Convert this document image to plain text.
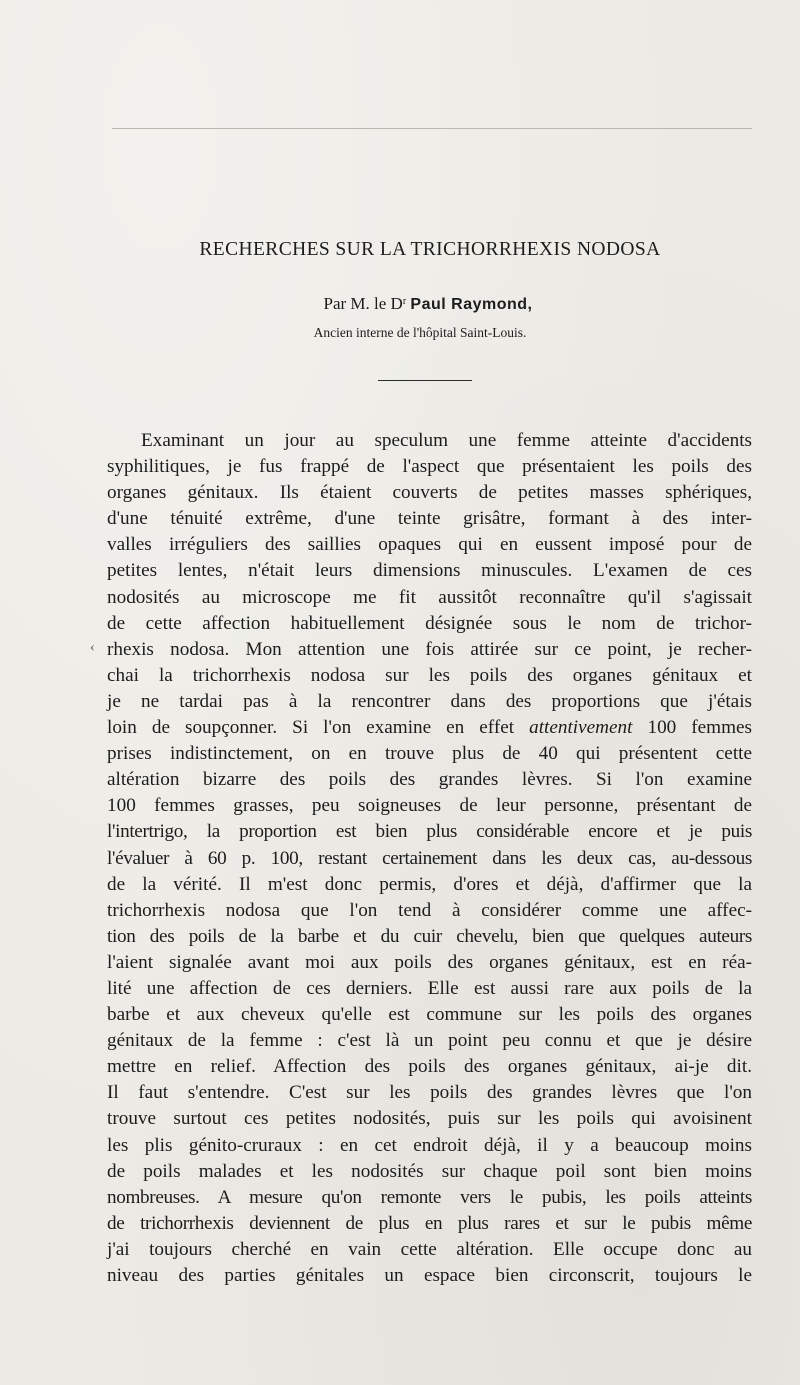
RECHERCHES SUR LA TRICHORRHEXIS NODOSA
Par M. le $D^r$ Paul Raymond,
Ancien interne de l'hôpital Saint-Louis.
‹
Examinant un jour au speculum une femme atteinte d'accidents
syphilitiques, je fus frappé de l'aspect que présentaient les poils des
organes génitaux. Ils étaient couverts de petites masses sphériques,
d'une ténuité extrême, d'une teinte grisâtre, formant à des inter-
valles irréguliers des saillies opaques qui en eussent imposé pour de
petites lentes, n'était leurs dimensions minuscules. L'examen de ces
nodosités au microscope me fit aussitôt reconnaître qu'il s'agissait
de cette affection habituellement désignée sous le nom de trichor-
rhexis nodosa. Mon attention une fois attirée sur ce point, je recher-
chai la trichorrhexis nodosa sur les poils des organes génitaux et
je ne tardai pas à la rencontrer dans des proportions que j'étais
loin de soupçonner. Si l'on examine en effet attentivement 100 femmes
prises indistinctement, on en trouve plus de 40 qui présentent cette
altération bizarre des poils des grandes lèvres. Si l'on examine
100 femmes grasses, peu soigneuses de leur personne, présentant de
l'intertrigo, la proportion est bien plus considérable encore et je puis
l'évaluer à 60 p. 100, restant certainement dans les deux cas, au-dessous
de la vérité. Il m'est donc permis, d'ores et déjà, d'affirmer que la
trichorrhexis nodosa que l'on tend à considérer comme une affec-
tion des poils de la barbe et du cuir chevelu, bien que quelques auteurs
l'aient signalée avant moi aux poils des organes génitaux, est en réa-
lité une affection de ces derniers. Elle est aussi rare aux poils de la
barbe et aux cheveux qu'elle est commune sur les poils des organes
génitaux de la femme : c'est là un point peu connu et que je désire
mettre en relief. Affection des poils des organes génitaux, ai-je dit.
Il faut s'entendre. C'est sur les poils des grandes lèvres que l'on
trouve surtout ces petites nodosités, puis sur les poils qui avoisinent
les plis génito-cruraux : en cet endroit déjà, il y a beaucoup moins
de poils malades et les nodosités sur chaque poil sont bien moins
nombreuses. A mesure qu'on remonte vers le pubis, les poils atteints
de trichorrhexis deviennent de plus en plus rares et sur le pubis même
j'ai toujours cherché en vain cette altération. Elle occupe donc au
niveau des parties génitales un espace bien circonscrit, toujours le
